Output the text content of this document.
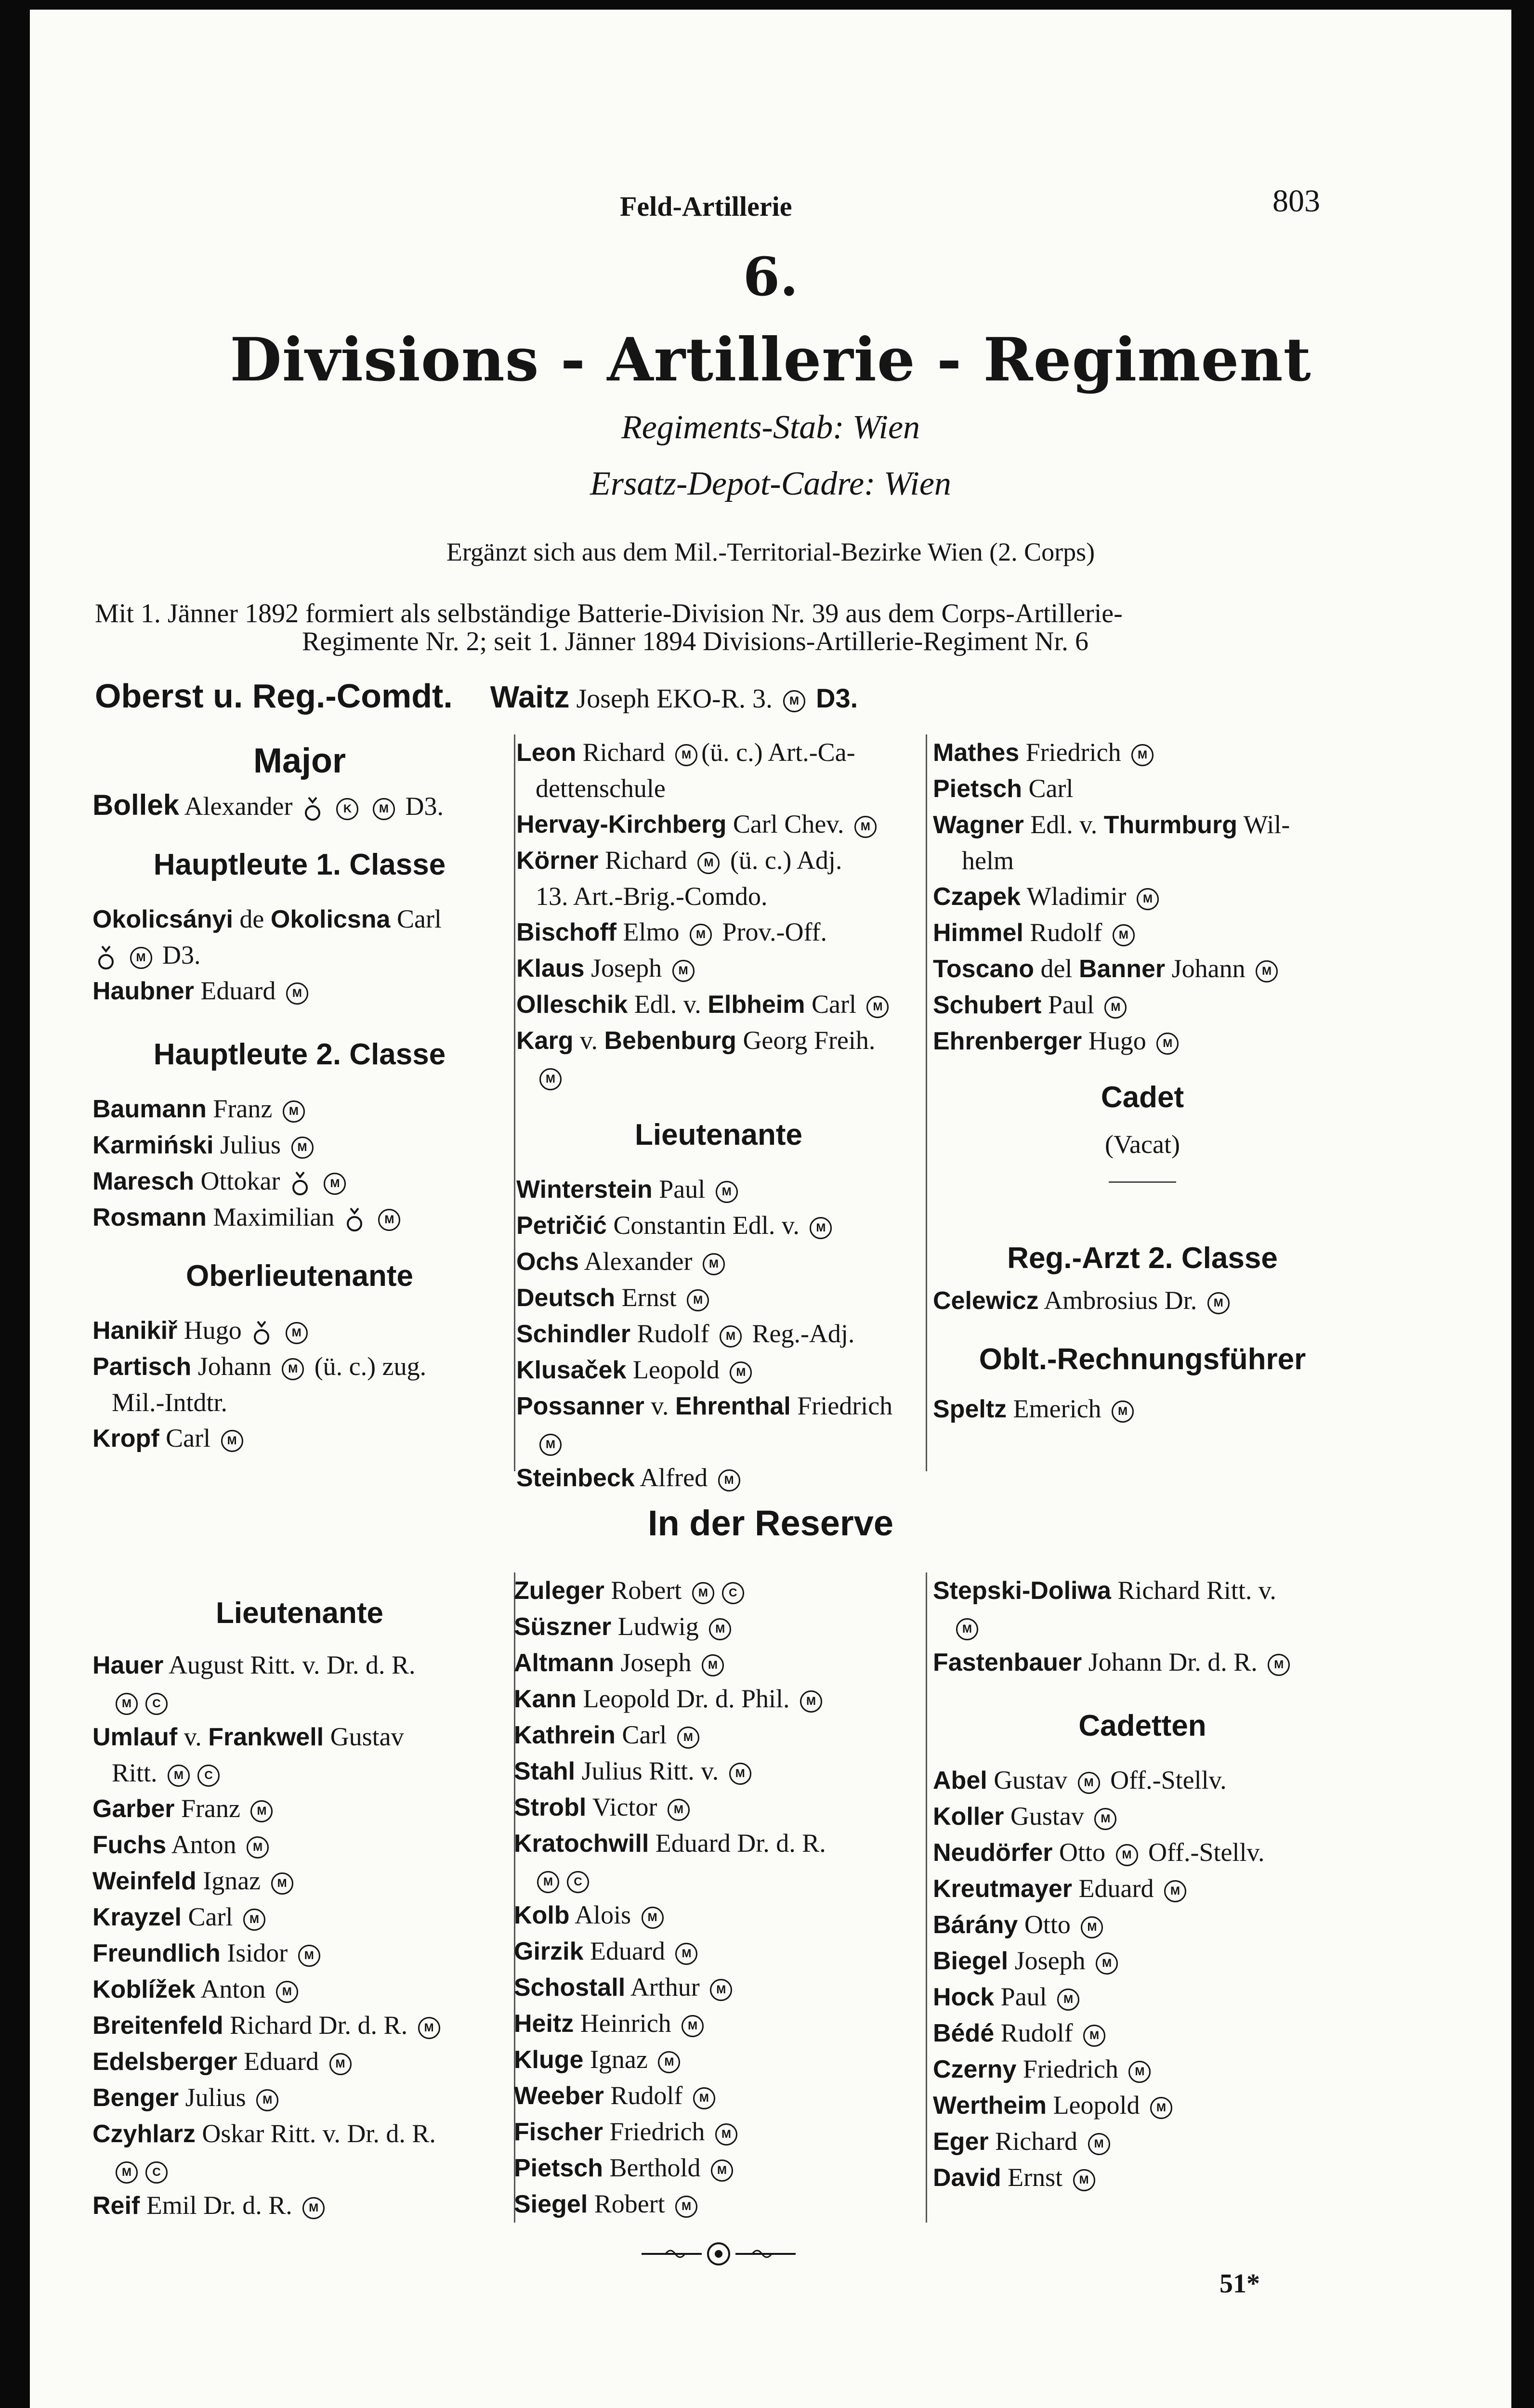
Feld-Artillerie	803
6.
Divisions - Artillerie - Regiment
Regiments-Stab: Wien
Ersatz-Depot-Cadre: Wien
Ergänzt sich aus dem Mil.-Territorial-Bezirke Wien (2. Corps)
Mit 1. Jänner 1892 formiert als selbständige Batterie-Division Nr. 39 aus dem Corps-Artillerie-
Regimente Nr. 2; seit 1. Jänner 1894 Divisions-Artillerie-Regiment Nr. 6
Oberst u. Reg.-Comdt. Waitz Joseph EKO-R. 3. M D3.
Major
Bollek Alexander	K M D3.
Hauptleute 1. Classe
Okolicsányi de Okolicsna Carl
M D3.
Haubner Eduard M
Hauptleute 2. Classe
Baumann Franz M
Karmiński Julius M
Maresch Ottokar	M
Rosmann Maximilian	M
Oberlieutenante
Hanikiř Hugo	M
Partisch Johann M (ü. c.) zug.
Mil.-Intdtr.
Kropf Carl M
Leon Richard M (ü. c.) Art.-Ca-
dettenschule
Hervay-Kirchberg Carl Chev. M
Körner Richard M (ü. c.) Adj.
13. Art.-Brig.-Comdo.
Bischoff Elmo M Prov.-Off.
Klaus Joseph M
Olleschik Edl. v. Elbheim Carl M
Karg v. Bebenburg Georg Freih.
M
Lieutenante
Winterstein Paul M
Petričić Constantin Edl. v. M
Ochs Alexander M
Deutsch Ernst M
Schindler Rudolf M Reg.-Adj.
Klusaček Leopold M
Possanner v. Ehrenthal Friedrich
M
Steinbeck Alfred M
Mathes Friedrich M
Pietsch Carl
Wagner Edl. v. Thurmburg Wil-
helm
Czapek Wladimir M
Himmel Rudolf M
Toscano del Banner Johann M
Schubert Paul M
Ehrenberger Hugo M
Cadet
(Vacat)
Reg.-Arzt 2. Classe
Celewicz Ambrosius Dr. M
Oblt.-Rechnungsführer
Speltz Emerich M
In der Reserve
Lieutenante
Hauer August Ritt. v. Dr. d. R.
M C
Umlauf v. Frankwell Gustav
Ritt. M C
Garber Franz M
Fuchs Anton M
Weinfeld Ignaz M
Krayzel Carl M
Freundlich Isidor M
Koblížek Anton M
Breitenfeld Richard Dr. d. R. M
Edelsberger Eduard M
Benger Julius M
Czyhlarz Oskar Ritt. v. Dr. d. R.
M C
Reif Emil Dr. d. R. M
Zuleger Robert M C
Süszner Ludwig M
Altmann Joseph M
Kann Leopold Dr. d. Phil. M
Kathrein Carl M
Stahl Julius Ritt. v. M
Strobl Victor M
Kratochwill Eduard Dr. d. R.
M C
Kolb Alois M
Girzik Eduard M
Schostall Arthur M
Heitz Heinrich M
Kluge Ignaz M
Weeber Rudolf M
Fischer Friedrich M
Pietsch Berthold M
Siegel Robert M
Stepski-Doliwa Richard Ritt. v.
M
Fastenbauer Johann Dr. d. R. M
Cadetten
Abel Gustav M Off.-Stellv.
Koller Gustav M
Neudörfer Otto M Off.-Stellv.
Kreutmayer Eduard M
Bárány Otto M
Biegel Joseph M
Hock Paul M
Bédé Rudolf M
Czerny Friedrich M
Wertheim Leopold M
Eger Richard M
David Ernst M
51*
